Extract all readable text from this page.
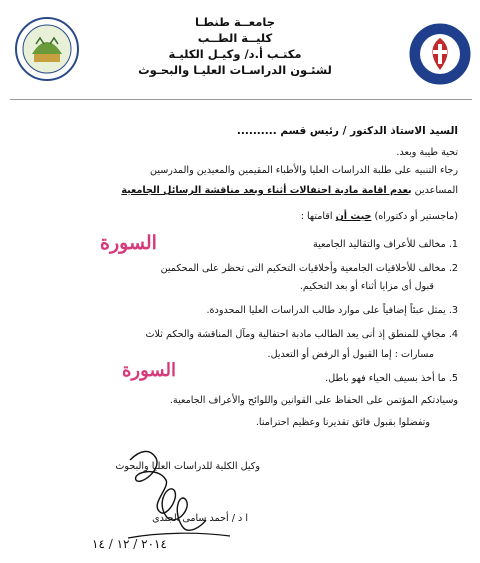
جامعــة طنطـا
كليــة الطــب
مكتـب أ.د/ وكيـل الكليـة
لشئـون الدراسـات العليـا والبحـوث
السيد الاستاذ الدكتور / رئيس قسم ..........
تحية طيبة وبعد.
رجاء التنبيه على طلبة الدراسات العليا والأطباء المقيمين والمعيدين والمدرسين
المساعدين بعدم اقامة مادبة احتفالات أثناء وبعد مناقشة الرسائل الجامعية
(ماجستير أو دكتوراه) حيث أن اقامتها :
السورة	1. مخالف للأعراف والتقاليد الجامعية
2. مخالف للأخلاقيات الجامعية وأخلاقيات التحكيم التى تحظر على المحكمين
قبول أى مزايا أثناء أو بعد التحكيم.
3. يمثل عبئاً إضافياً على موارد طالب الدراسات العليا المحدودة.
4. مجافٍ للمنطق إذ أنى يعد الطالب مادبة احتفالية ومآل المناقشة والحكم ثلاث
مسارات : إما القبول أو الرفض أو التعديل.
السورة	5. ما أخذ بسيف الحياء فهو باطل.
وسيادتكم المؤتمن على الحفاظ على القوانين واللوائح والأعراف الجامعية.
وتفضلوا بقبول فائق تقديرنا وعظيم احترامنا.
وكيل الكلية للدراسات العليا والبحوث
ا د / أحمد سامى الجندى
٢٠١٤ / ١٢ / ١٤
